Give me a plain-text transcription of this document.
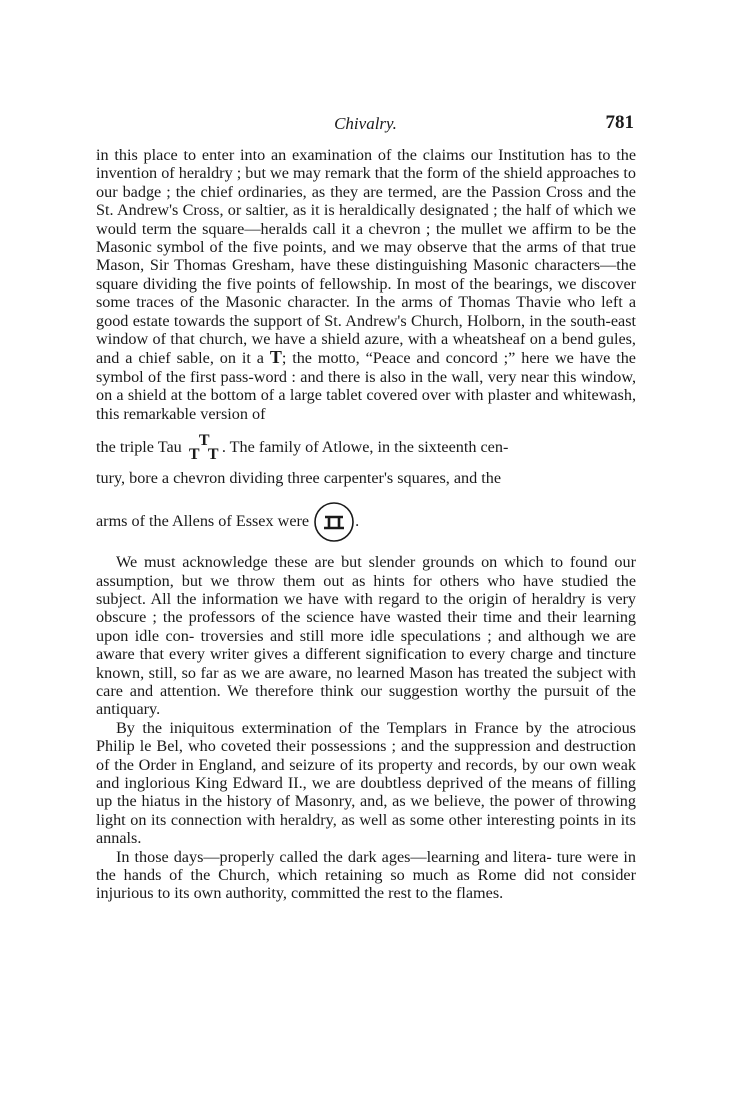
Chivalry.	781

in this place to enter into an examination of the claims our Institution has to the invention of heraldry ; but we may remark that the form of the shield approaches to our badge ; the chief ordinaries, as they are termed, are the Passion Cross and the St. Andrew's Cross, or saltier, as it is heraldically designated ; the half of which we would term the square—heralds call it a chevron ; the mullet we affirm to be the Masonic symbol of the five points, and we may observe that the arms of that true Mason, Sir Thomas Gresham, have these distinguishing Masonic characters—the square dividing the five points of fellowship. In most of the bearings, we discover some traces of the Masonic character. In the arms of Thomas Thavie who left a good estate towards the support of St. Andrew's Church, Holborn, in the south-east window of that church, we have a shield azure, with a wheatsheaf on a bend gules, and a chief sable, on it a T; the motto, “Peace and concord ;” here we have the symbol of the first pass-word : and there is also in the wall, very near this window, on a shield at the bottom of a large tablet covered over with plaster and whitewash, this remarkable version of

the triple Tau T
T T . The family of Atlowe, in the sixteenth cen-
tury, bore a chevron dividing three carpenter's squares, and the
arms of the Allens of Essex were	.

We must acknowledge these are but slender grounds on which to found our assumption, but we throw them out as hints for others who have studied the subject. All the information we have with regard to the origin of heraldry is very obscure ; the professors of the science have wasted their time and their learning upon idle con- troversies and still more idle speculations ; and although we are aware that every writer gives a different signification to every charge and tincture known, still, so far as we are aware, no learned Mason has treated the subject with care and attention. We therefore think our suggestion worthy the pursuit of the antiquary.

By the iniquitous extermination of the Templars in France by the atrocious Philip le Bel, who coveted their possessions ; and the suppression and destruction of the Order in England, and seizure of its property and records, by our own weak and inglorious King Edward II., we are doubtless deprived of the means of filling up the hiatus in the history of Masonry, and, as we believe, the power of throwing light on its connection with heraldry, as well as some other interesting points in its annals.

In those days—properly called the dark ages—learning and litera- ture were in the hands of the Church, which retaining so much as Rome did not consider injurious to its own authority, committed the rest to the flames.
